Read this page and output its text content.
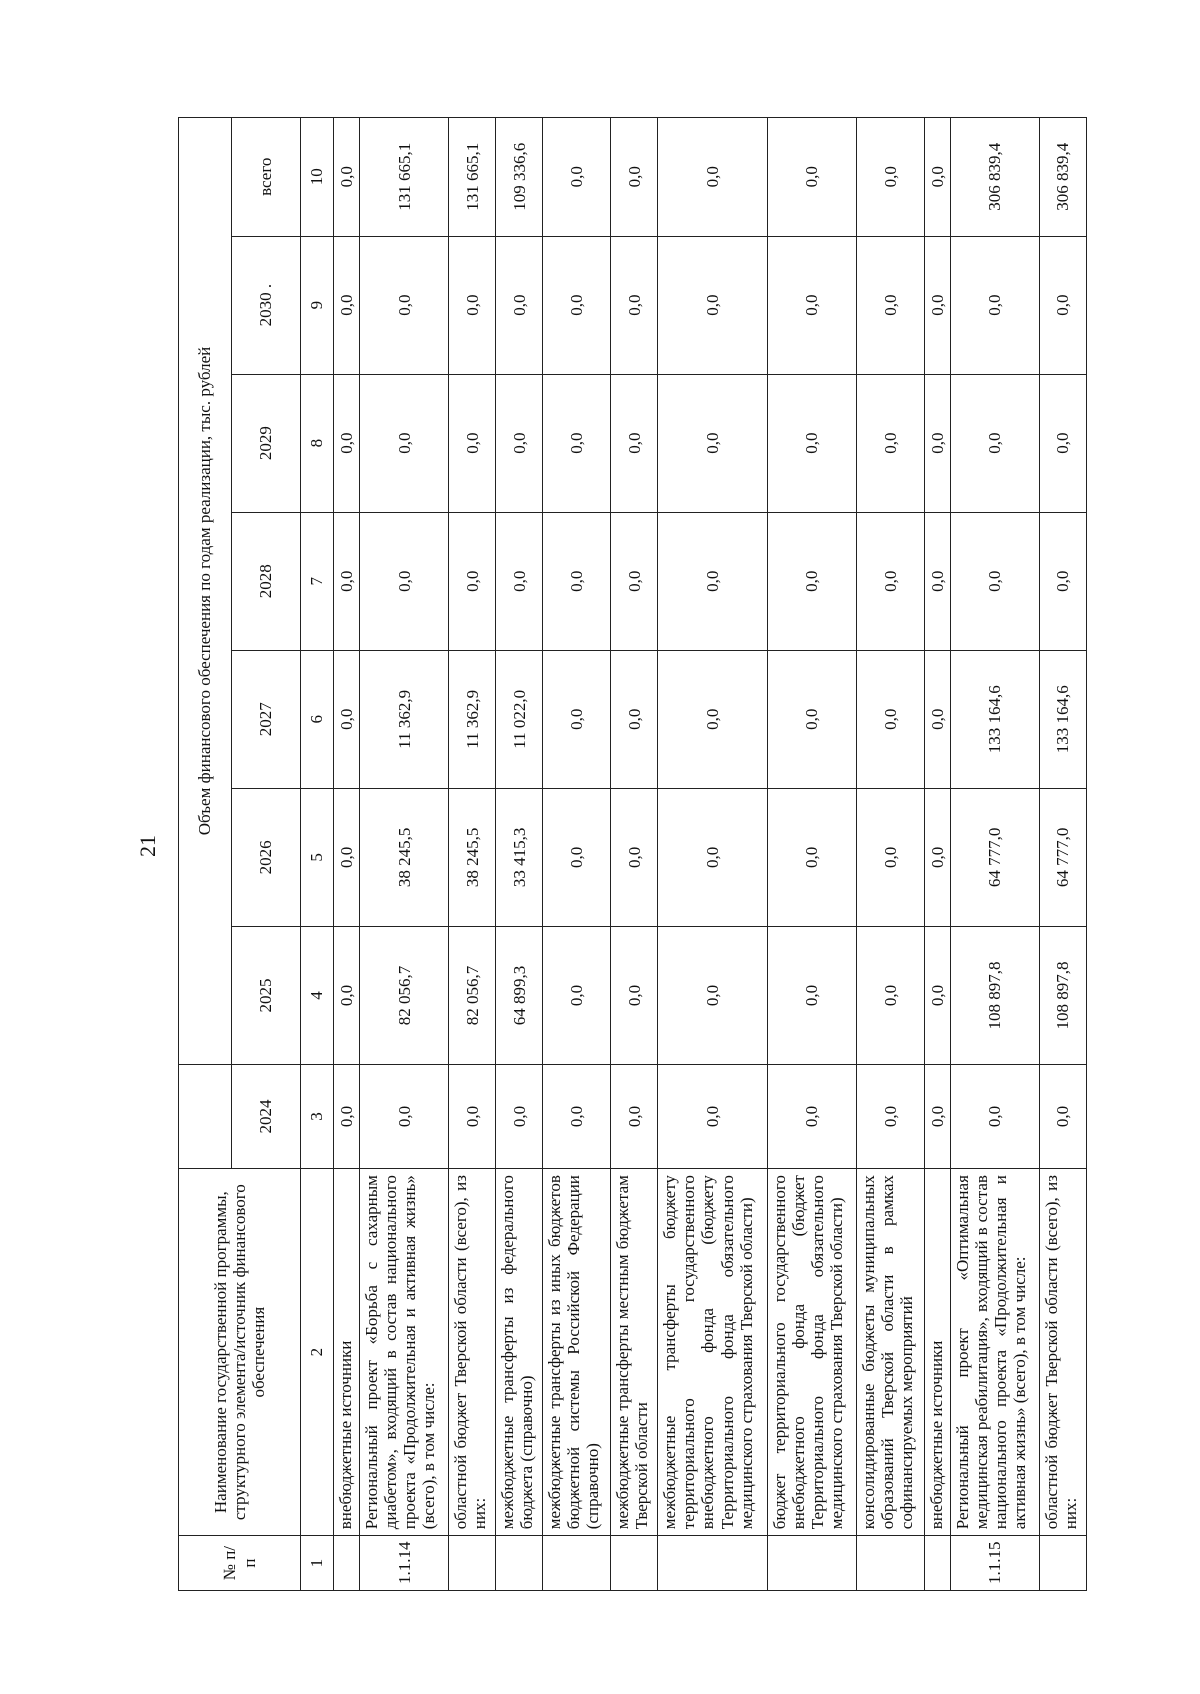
21
№ п/п	Наименование государственной программы, структурного элемента/источник финансового обеспечения		Объем финансового обеспечения по годам реализации, тыс. рублей						
		2024	2025	2026	2027	2028	2029	2030 .	всего
1	2	3	4	5	6	7	8	9	10
	внебюджетные источники	0,0	0,0	0,0	0,0	0,0	0,0	0,0	0,0
1.1.14	Региональный проект «Борьба с сахарным диабетом», входящий в состав национального проекта «Продолжительная и активная жизнь» (всего), в том числе:	0,0	82 056,7	38 245,5	11 362,9	0,0	0,0	0,0	131 665,1
	областной бюджет Тверской области (всего), из них:	0,0	82 056,7	38 245,5	11 362,9	0,0	0,0	0,0	131 665,1
	межбюджетные трансферты из федерального бюджета (справочно)	0,0	64 899,3	33 415,3	11 022,0	0,0	0,0	0,0	109 336,6
	межбюджетные трансферты из иных бюджетов бюджетной системы Российской Федерации (справочно)	0,0	0,0	0,0	0,0	0,0	0,0	0,0	0,0
	межбюджетные трансферты местным бюджетам Тверской области	0,0	0,0	0,0	0,0	0,0	0,0	0,0	0,0
	межбюджетные трансферты бюджету территориального государственного внебюджетного фонда (бюджету Территориального фонда обязательного медицинского страхования Тверской области)	0,0	0,0	0,0	0,0	0,0	0,0	0,0	0,0
	бюджет территориального государственного внебюджетного фонда (бюджет Территориального фонда обязательного медицинского страхования Тверской области)	0,0	0,0	0,0	0,0	0,0	0,0	0,0	0,0
	консолидированные бюджеты муниципальных образований Тверской области в рамках софинансируемых мероприятий	0,0	0,0	0,0	0,0	0,0	0,0	0,0	0,0
	внебюджетные источники	0,0	0,0	0,0	0,0	0,0	0,0	0,0	0,0
1.1.15	Региональный проект «Оптимальная медицинская реабилитация», входящий в состав национального проекта «Продолжительная и активная жизнь» (всего), в том числе:	0,0	108 897,8	64 777,0	133 164,6	0,0	0,0	0,0	306 839,4
	областной бюджет Тверской области (всего), из них:	0,0	108 897,8	64 777,0	133 164,6	0,0	0,0	0,0	306 839,4
